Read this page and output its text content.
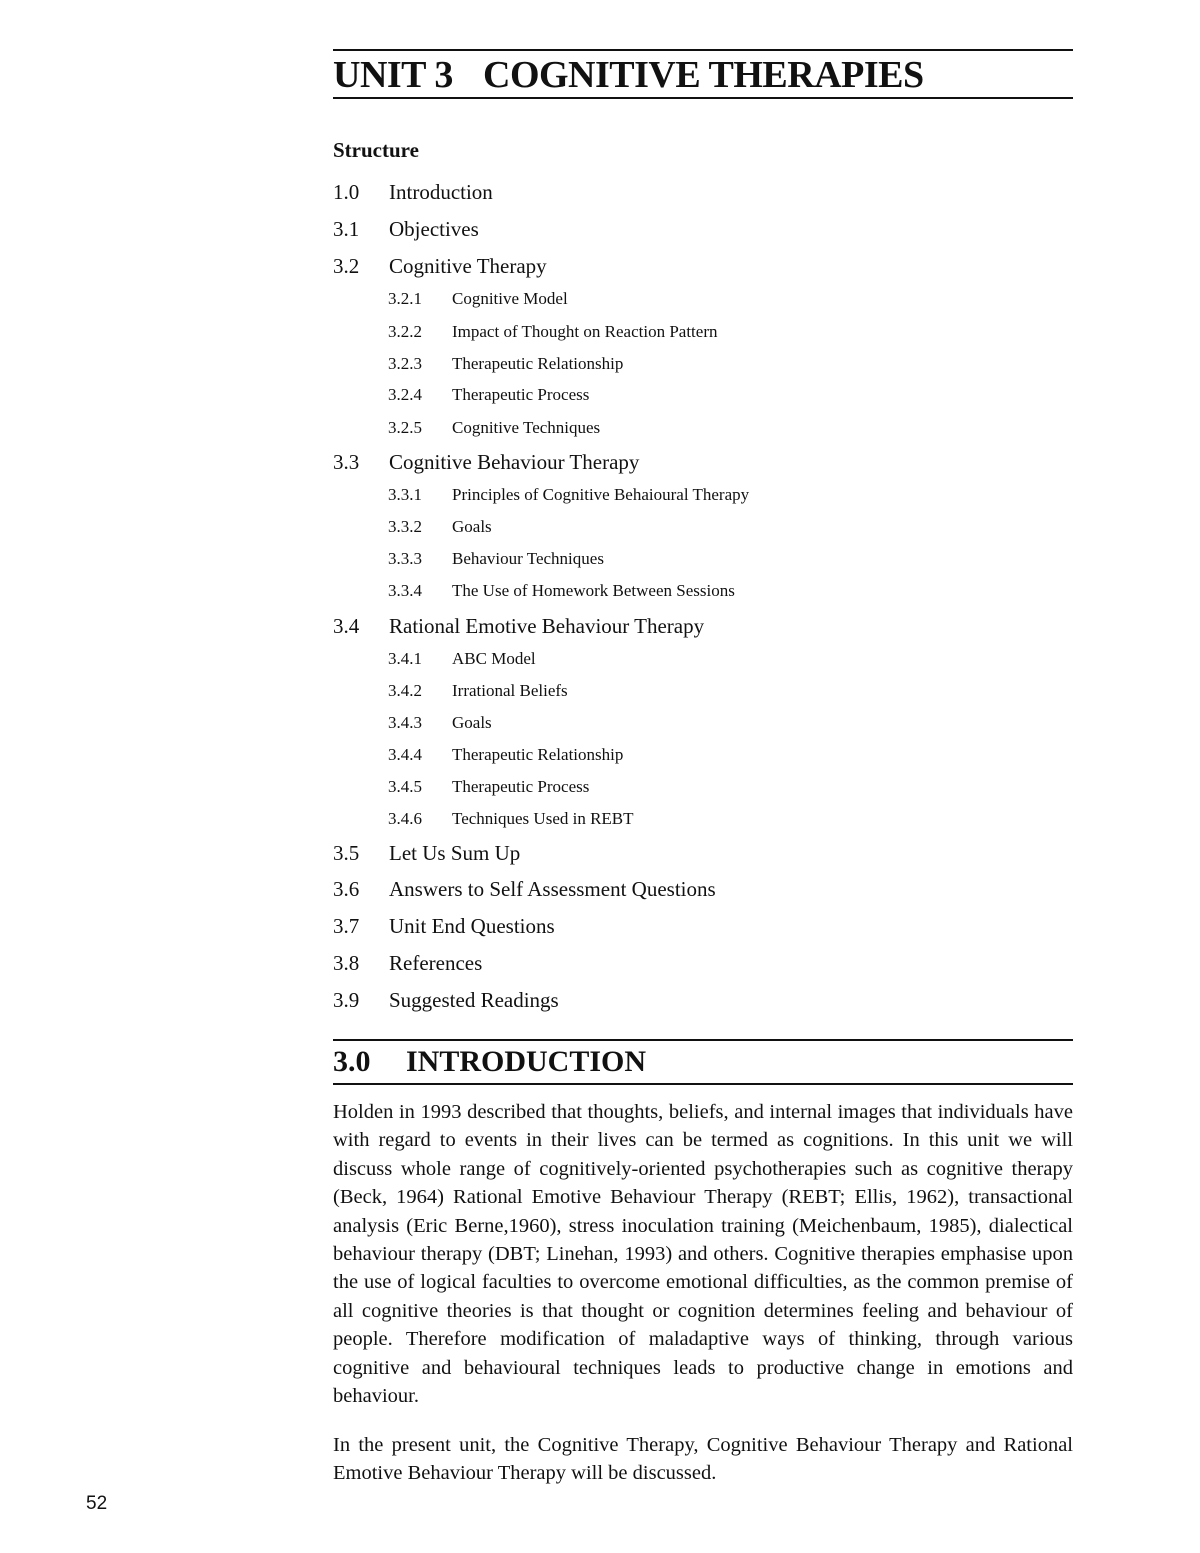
UNIT 3 COGNITIVE THERAPIES
Structure
1.0 Introduction
3.1 Objectives
3.2 Cognitive Therapy
3.2.1 Cognitive Model
3.2.2 Impact of Thought on Reaction Pattern
3.2.3 Therapeutic Relationship
3.2.4 Therapeutic Process
3.2.5 Cognitive Techniques
3.3 Cognitive Behaviour Therapy
3.3.1 Principles of Cognitive Behaioural Therapy
3.3.2 Goals
3.3.3 Behaviour Techniques
3.3.4 The Use of Homework Between Sessions
3.4 Rational Emotive Behaviour Therapy
3.4.1 ABC Model
3.4.2 Irrational Beliefs
3.4.3 Goals
3.4.4 Therapeutic Relationship
3.4.5 Therapeutic Process
3.4.6 Techniques Used in REBT
3.5 Let Us Sum Up
3.6 Answers to Self Assessment Questions
3.7 Unit End Questions
3.8 References
3.9 Suggested Readings
3.0 INTRODUCTION

Holden in 1993 described that thoughts, beliefs, and internal images that individuals have with regard to events in their lives can be termed as cognitions. In this unit we will discuss whole range of cognitively-oriented psychotherapies such as cognitive therapy (Beck, 1964) Rational Emotive Behaviour Therapy (REBT; Ellis, 1962), transactional analysis (Eric Berne,1960), stress inoculation training (Meichenbaum, 1985), dialectical behaviour therapy (DBT; Linehan, 1993) and others. Cognitive therapies emphasise upon the use of logical faculties to overcome emotional difficulties, as the common premise of all cognitive theories is that thought or cognition determines feeling and behaviour of people. Therefore modification of maladaptive ways of thinking, through various cognitive and behavioural techniques leads to productive change in emotions and behaviour.

In the present unit, the Cognitive Therapy, Cognitive Behaviour Therapy and Rational Emotive Behaviour Therapy will be discussed.

52
